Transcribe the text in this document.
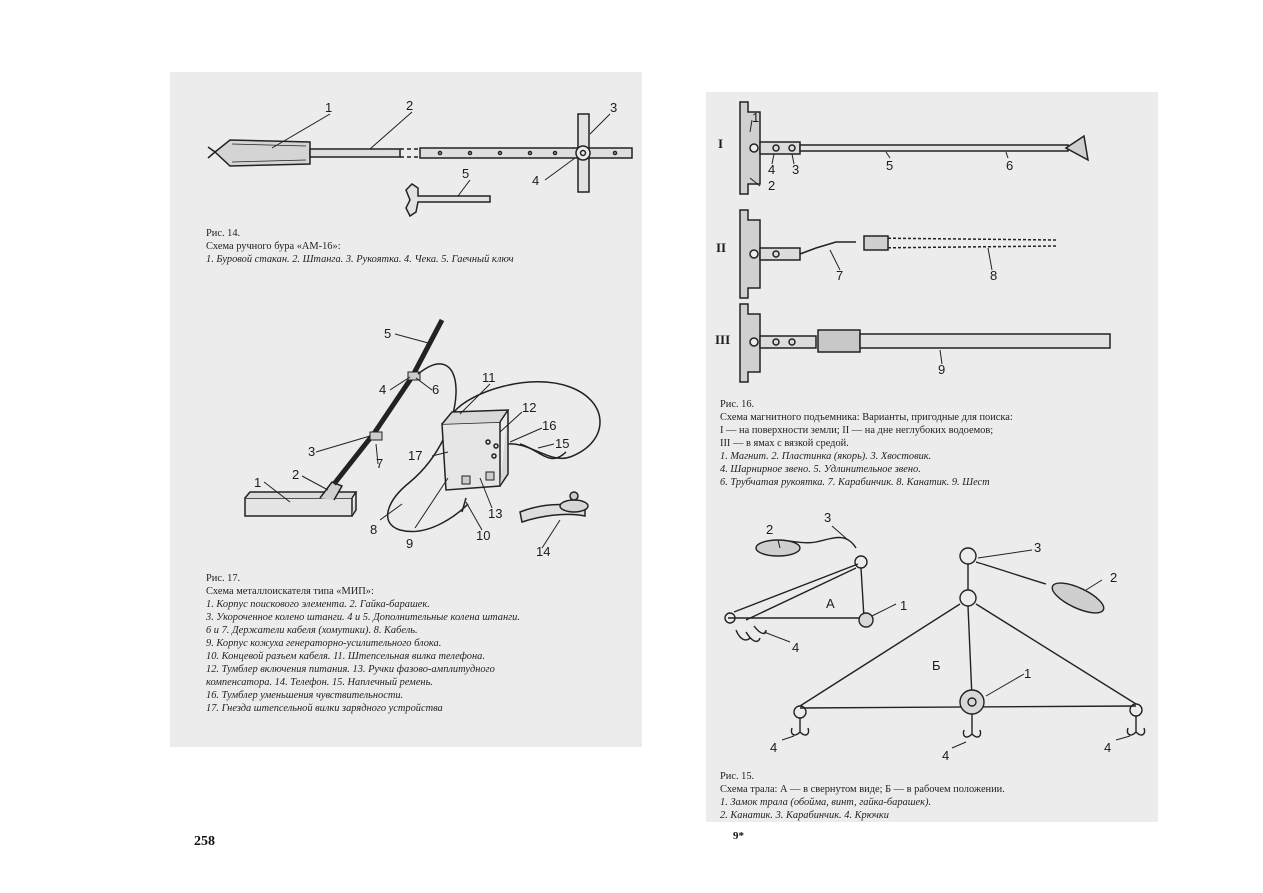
1	2	3
4
5
Рис. 14.
Схема ручного бура «АМ-16»:
1. Буровой стакан. 2. Штанга. 3. Рукоятка. 4. Чека. 5. Гаечный ключ
1
2
3
4
5
6
7
8
9
10
11
12
13
14
15
16
17
Рис. 17.
Схема металлоискателя типа «МИП»:
1. Корпус поискового элемента. 2. Гайка-барашек.
3. Укороченное колено штанги. 4 и 5. Дополнительные колена штанги.
6 и 7. Держатели кабеля (хомутики). 8. Кабель.
9. Корпус кожуха генераторно-усилительного блока.
10. Концевой разъем кабеля. 11. Штепсельная вилка телефона.
12. Тумблер включения питания. 13. Ручки фазово-амплитудного
компенсатора. 14. Телефон. 15. Наплечный ремень.
16. Тумблер уменьшения чувствительности.
17. Гнезда штепсельной вилки зарядного устройства
258
I
II
III
1
2
3
4	5	6
7	8
9
Рис. 16.
Схема магнитного подъемника: Варианты, пригодные для поиска:
I — на поверхности земли; II — на дне неглубоких водоемов;
III — в ямах с вязкой средой.
1. Магнит. 2. Пластинка (якорь). 3. Хвостовик.
4. Шарнирное звено. 5. Удлинительное звено.
6. Трубчатая рукоятка. 7. Карабинчик. 8. Канатик. 9. Шест
1
2
3
4
А
Б
1
2
3
4
4
4
Рис. 15.
Схема трала: А — в свернутом виде; Б — в рабочем положении.
1. Замок трала (обойма, винт, гайка-барашек).
2. Канатик. 3. Карабинчик. 4. Крючки
9*
